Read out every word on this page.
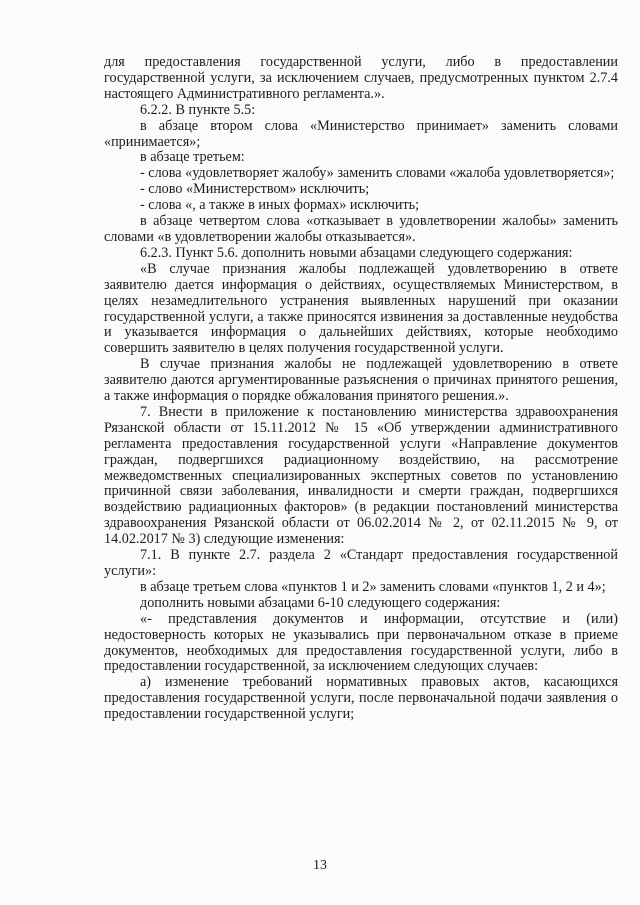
для предоставления государственной услуги, либо в предоставлении государственной услуги, за исключением случаев, предусмотренных пунктом 2.7.4 настоящего Административного регламента.».

6.2.2. В пункте 5.5:

в абзаце втором слова «Министерство принимает» заменить словами «принимается»;

в абзаце третьем:

- слова «удовлетворяет жалобу» заменить словами «жалоба удовлетворяется»;

- слово «Министерством» исключить;

- слова «, а также в иных формах» исключить;

в абзаце четвертом слова «отказывает в удовлетворении жалобы» заменить словами «в удовлетворении жалобы отказывается».

6.2.3. Пункт 5.6. дополнить новыми абзацами следующего содержания:

«В случае признания жалобы подлежащей удовлетворению в ответе заявителю дается информация о действиях, осуществляемых Министерством, в целях незамедлительного устранения выявленных нарушений при оказании государственной услуги, а также приносятся извинения за доставленные неудобства и указывается информация о дальнейших действиях, которые необходимо совершить заявителю в целях получения государственной услуги.

В случае признания жалобы не подлежащей удовлетворению в ответе заявителю даются аргументированные разъяснения о причинах принятого решения, а также информация о порядке обжалования принятого решения.».

7. Внести в приложение к постановлению министерства здравоохранения Рязанской области от 15.11.2012 № 15 «Об утверждении административного регламента предоставления государственной услуги «Направление документов граждан, подвергшихся радиационному воздействию, на рассмотрение межведомственных специализированных экспертных советов по установлению причинной связи заболевания, инвалидности и смерти граждан, подвергшихся воздействию радиационных факторов» (в редакции постановлений министерства здравоохранения Рязанской области от 06.02.2014 № 2, от 02.11.2015 № 9, от 14.02.2017 № 3) следующие изменения:

7.1. В пункте 2.7. раздела 2 «Стандарт предоставления государственной услуги»:

в абзаце третьем слова «пунктов 1 и 2» заменить словами «пунктов 1, 2 и 4»;

дополнить новыми абзацами 6-10 следующего содержания:

«- представления документов и информации, отсутствие и (или) недостоверность которых не указывались при первоначальном отказе в приеме документов, необходимых для предоставления государственной услуги, либо в предоставлении государственной, за исключением следующих случаев:

а) изменение требований нормативных правовых актов, касающихся предоставления государственной услуги, после первоначальной подачи заявления о предоставлении государственной услуги;

13
